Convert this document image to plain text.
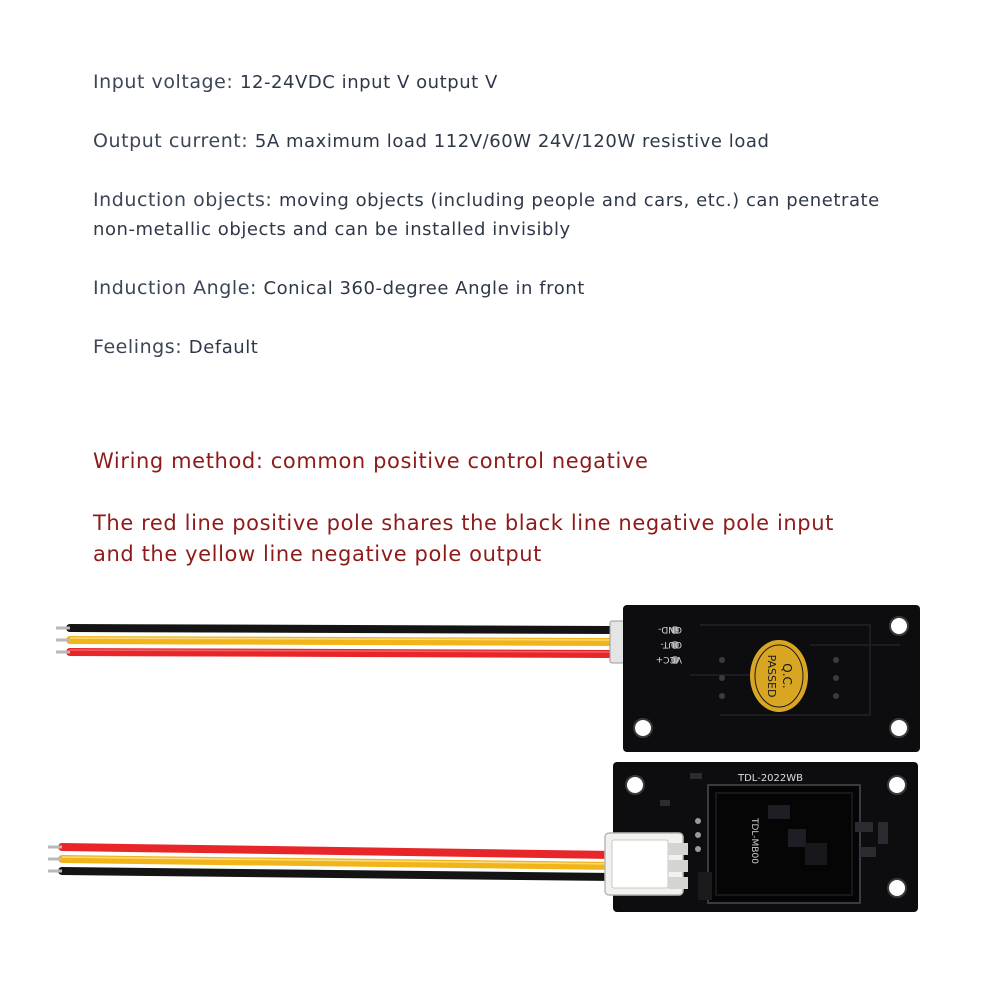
Input voltage: 12-24VDC input V output V
Output current: 5A maximum load 112V/60W 24V/120W resistive load
Induction objects: moving objects (including people and cars, etc.) can penetrate
non-metallic objects and can be installed invisibly
Induction Angle: Conical 360-degree Angle in front
Feelings: Default
Wiring method: common positive control negative
The red line positive pole shares the black line negative pole input
and the yellow line negative pole output
VCC+
OUT-
GND-
Q.C.
PASSED
TDL-MB00
TDL-2022WB
